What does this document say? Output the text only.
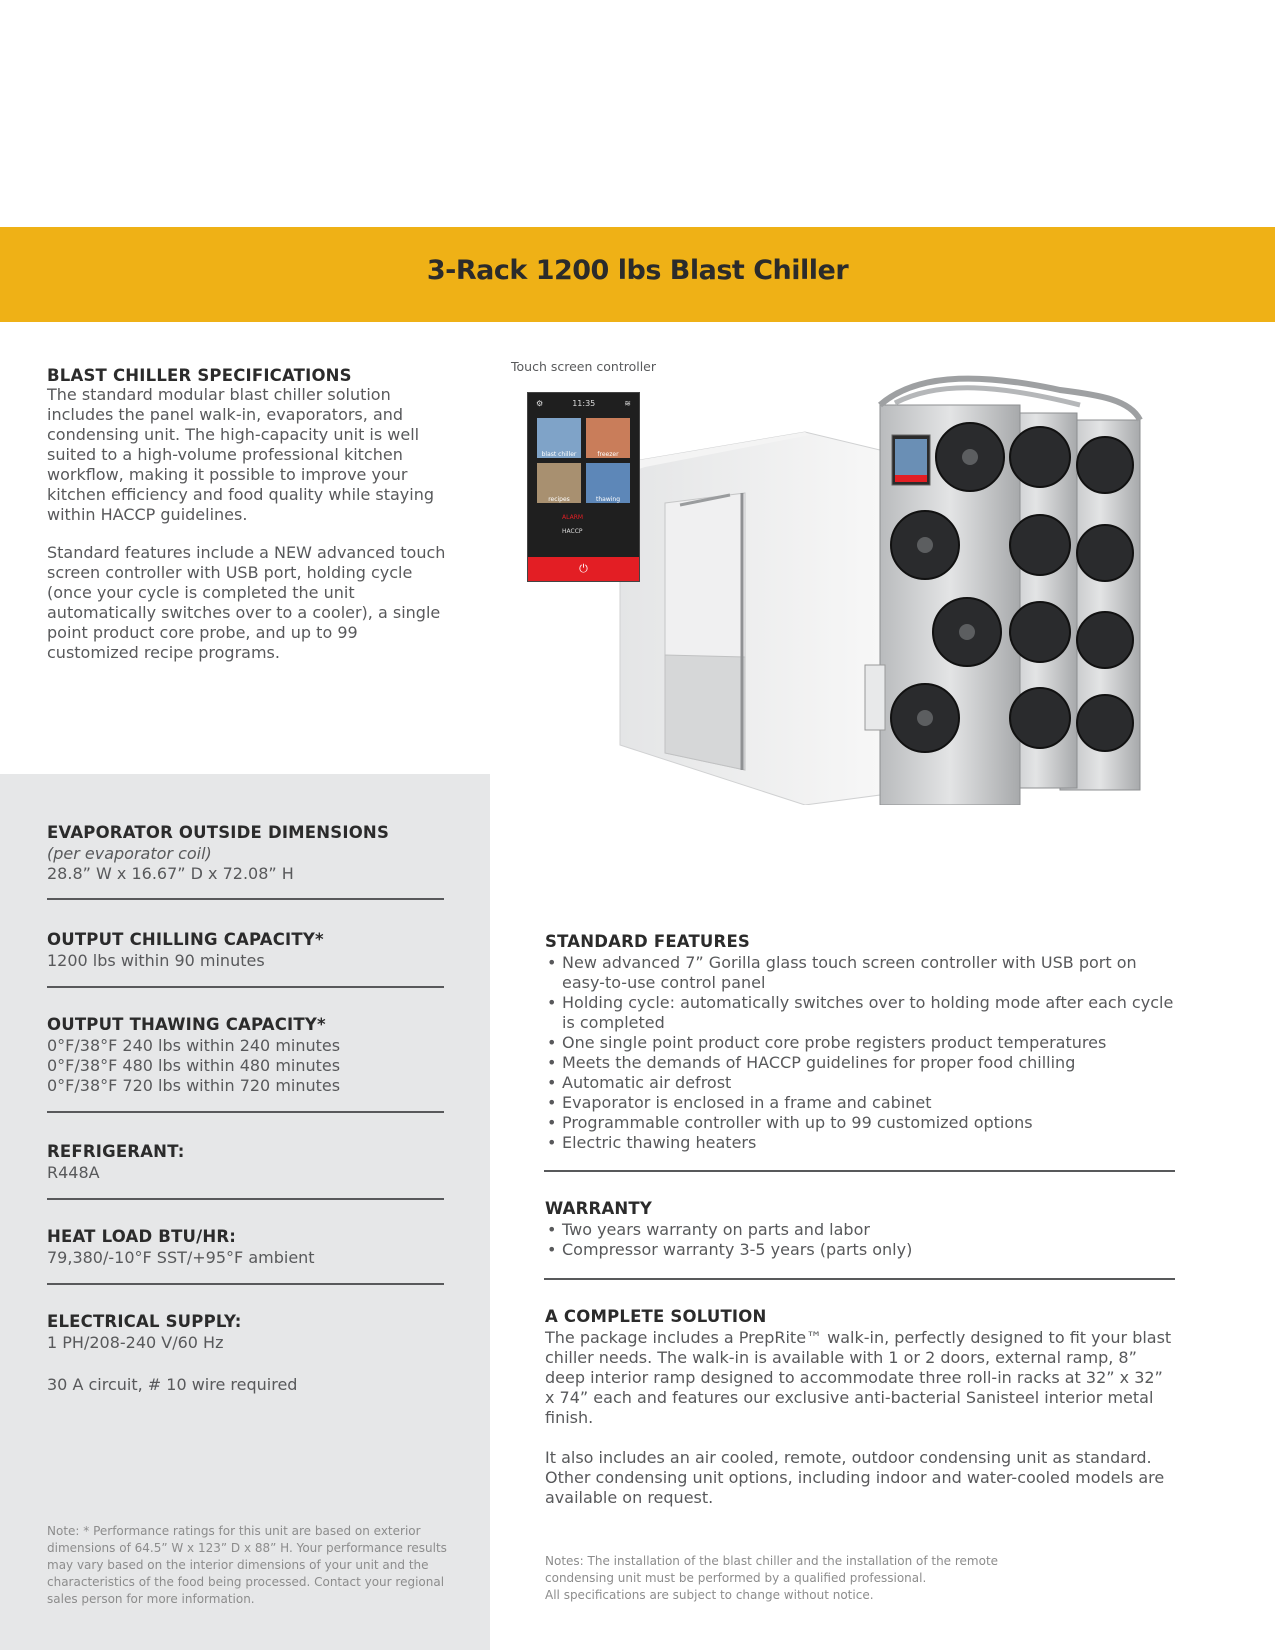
3-Rack 1200 lbs Blast Chiller
BLAST CHILLER SPECIFICATIONS

The standard modular blast chiller solution includes the panel walk-in, evaporators, and condensing unit. The high-capacity unit is well suited to a high-volume professional kitchen workflow, making it possible to improve your kitchen efficiency and food quality while staying within HACCP guidelines.

Standard features include a NEW advanced touch screen controller with USB port, holding cycle (once your cycle is completed the unit automatically switches over to a cooler), a single point product core probe, and up to 99 customized recipe programs.

Touch screen controller
⚙	11:35	≋
blast chiller	freezer
recipes	thawing
ALARM
HACCP
⏻
EVAPORATOR OUTSIDE DIMENSIONS

(per evaporator coil)

28.8” W x 16.67” D x 72.08” H

OUTPUT CHILLING CAPACITY*

1200 lbs within 90 minutes

OUTPUT THAWING CAPACITY*

0°F/38°F 240 lbs within 240 minutes

0°F/38°F 480 lbs within 480 minutes

0°F/38°F 720 lbs within 720 minutes

REFRIGERANT:

R448A

HEAT LOAD BTU/HR:

79,380/-10°F SST/+95°F ambient

ELECTRICAL SUPPLY:

1 PH/208-240 V/60 Hz

30 A circuit, # 10 wire required

Note: * Performance ratings for this unit are based on exterior dimensions of 64.5” W x 123” D x 88” H. Your performance results may vary based on the interior dimensions of your unit and the characteristics of the food being processed. Contact your regional sales person for more information.

STANDARD FEATURES
• New advanced 7” Gorilla glass touch screen controller with USB port on easy-to-use control panel
• Holding cycle: automatically switches over to holding mode after each cycle is completed
• One single point product core probe registers product temperatures
• Meets the demands of HACCP guidelines for proper food chilling
• Automatic air defrost
• Evaporator is enclosed in a frame and cabinet
• Programmable controller with up to 99 customized options
• Electric thawing heaters
WARRANTY
• Two years warranty on parts and labor
• Compressor warranty 3-5 years (parts only)
A COMPLETE SOLUTION

The package includes a PrepRite™ walk-in, perfectly designed to fit your blast chiller needs. The walk-in is available with 1 or 2 doors, external ramp, 8” deep interior ramp designed to accommodate three roll-in racks at 32” x 32” x 74” each and features our exclusive anti-bacterial Sanisteel interior metal finish.

It also includes an air cooled, remote, outdoor condensing unit as standard. Other condensing unit options, including indoor and water-cooled models are available on request.

Notes: The installation of the blast chiller and the installation of the remote

condensing unit must be performed by a qualified professional.

All specifications are subject to change without notice.
